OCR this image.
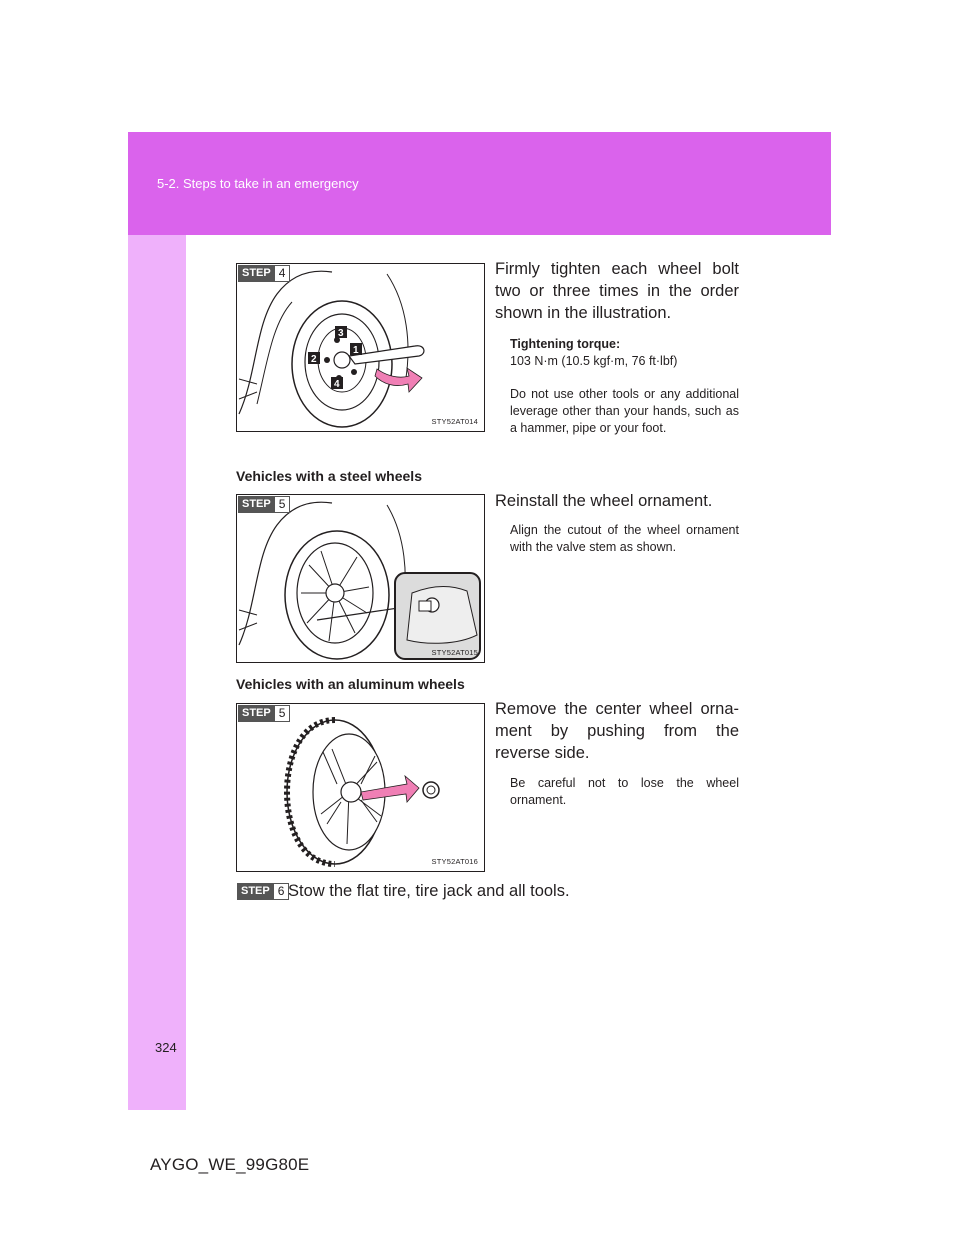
5-2. Steps to take in an emergency
1
2
3
4
STEP 4
STY52AT014
Firmly tighten each wheel bolt two or three times in the order shown in the illustration.
Tightening torque:
103 N·m (10.5 kgf·m, 76 ft·lbf)
Do not use other tools or any additional leverage other than your hands, such as a hammer, pipe or your foot.
Vehicles with a steel wheels
STEP 5
STY52AT015
Reinstall the wheel ornament.
Align the cutout of the wheel ornament with the valve stem as shown.
Vehicles with an aluminum wheels
STEP 5
STY52AT016
Remove the center wheel orna-ment by pushing from the reverse side.
Be careful not to lose the wheel ornament.
STEP 6 Stow the flat tire, tire jack and all tools.
324
AYGO_WE_99G80E
